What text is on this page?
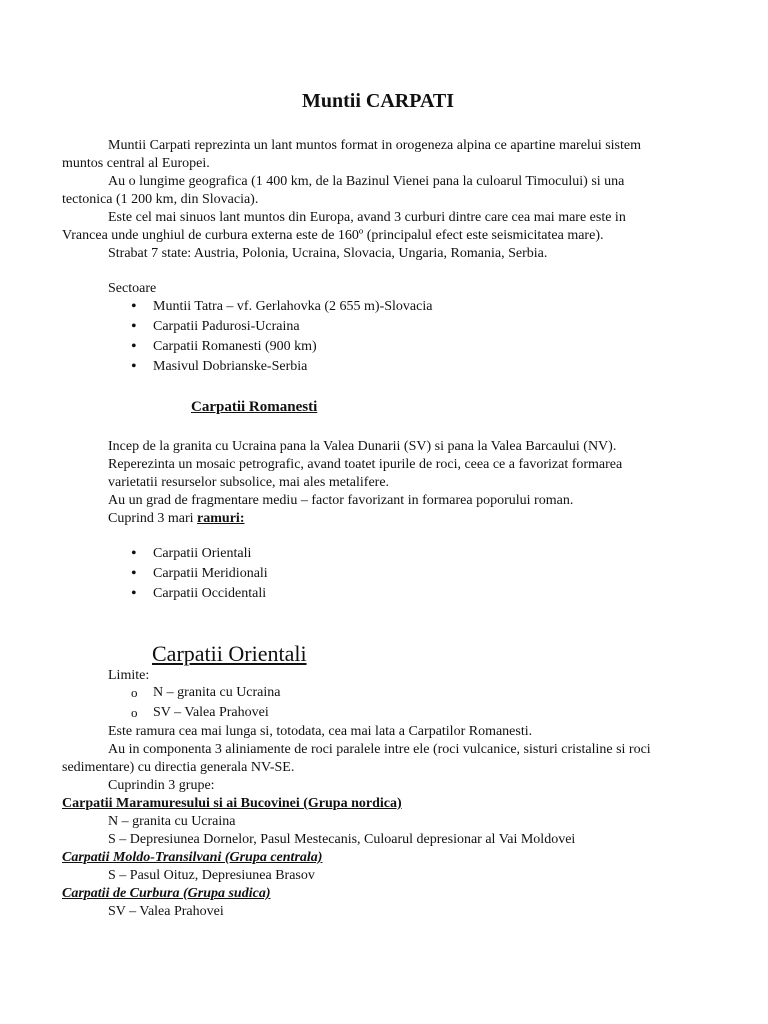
Muntii CARPATI
Muntii Carpati reprezinta un lant muntos format in orogeneza alpina ce apartine marelui sistem
muntos central al Europei.
Au o lungime geografica (1 400 km, de la Bazinul Vienei pana la culoarul Timocului) si una
tectonica (1 200 km, din Slovacia).
Este cel mai sinuos lant muntos din Europa, avand 3 curburi dintre care cea mai mare este in
Vrancea unde unghiul de curbura externa este de 160º (principalul efect este seismicitatea mare).
Strabat 7 state: Austria, Polonia, Ucraina, Slovacia, Ungaria, Romania, Serbia.
Sectoare
• Muntii Tatra – vf. Gerlahovka (2 655 m)-Slovacia
• Carpatii Padurosi-Ucraina
• Carpatii Romanesti (900 km)
• Masivul Dobrianske-Serbia
Carpatii Romanesti
Incep de la granita cu Ucraina pana la Valea Dunarii (SV) si pana la Valea Barcaului (NV).
Reperezinta un mosaic petrografic, avand toatet ipurile de roci, ceea ce a favorizat formarea
varietatii resurselor subsolice, mai ales metalifere.
Au un grad de fragmentare mediu – factor favorizant in formarea poporului roman.
Cuprind 3 mari ramuri:
• Carpatii Orientali
• Carpatii Meridionali
• Carpatii Occidentali
Carpatii Orientali
Limite:
o N – granita cu Ucraina
o SV – Valea Prahovei
Este ramura cea mai lunga si, totodata, cea mai lata a Carpatilor Romanesti.
Au in componenta 3 aliniamente de roci paralele intre ele (roci vulcanice, sisturi cristaline si roci
sedimentare) cu directia generala NV-SE.
Cuprindin 3 grupe:
Carpatii Maramuresului si ai Bucovinei (Grupa nordica)
N – granita cu Ucraina
S – Depresiunea Dornelor, Pasul Mestecanis, Culoarul depresionar al Vai Moldovei
Carpatii Moldo-Transilvani (Grupa centrala)
S – Pasul Oituz, Depresiunea Brasov
Carpatii de Curbura (Grupa sudica)
SV – Valea Prahovei
